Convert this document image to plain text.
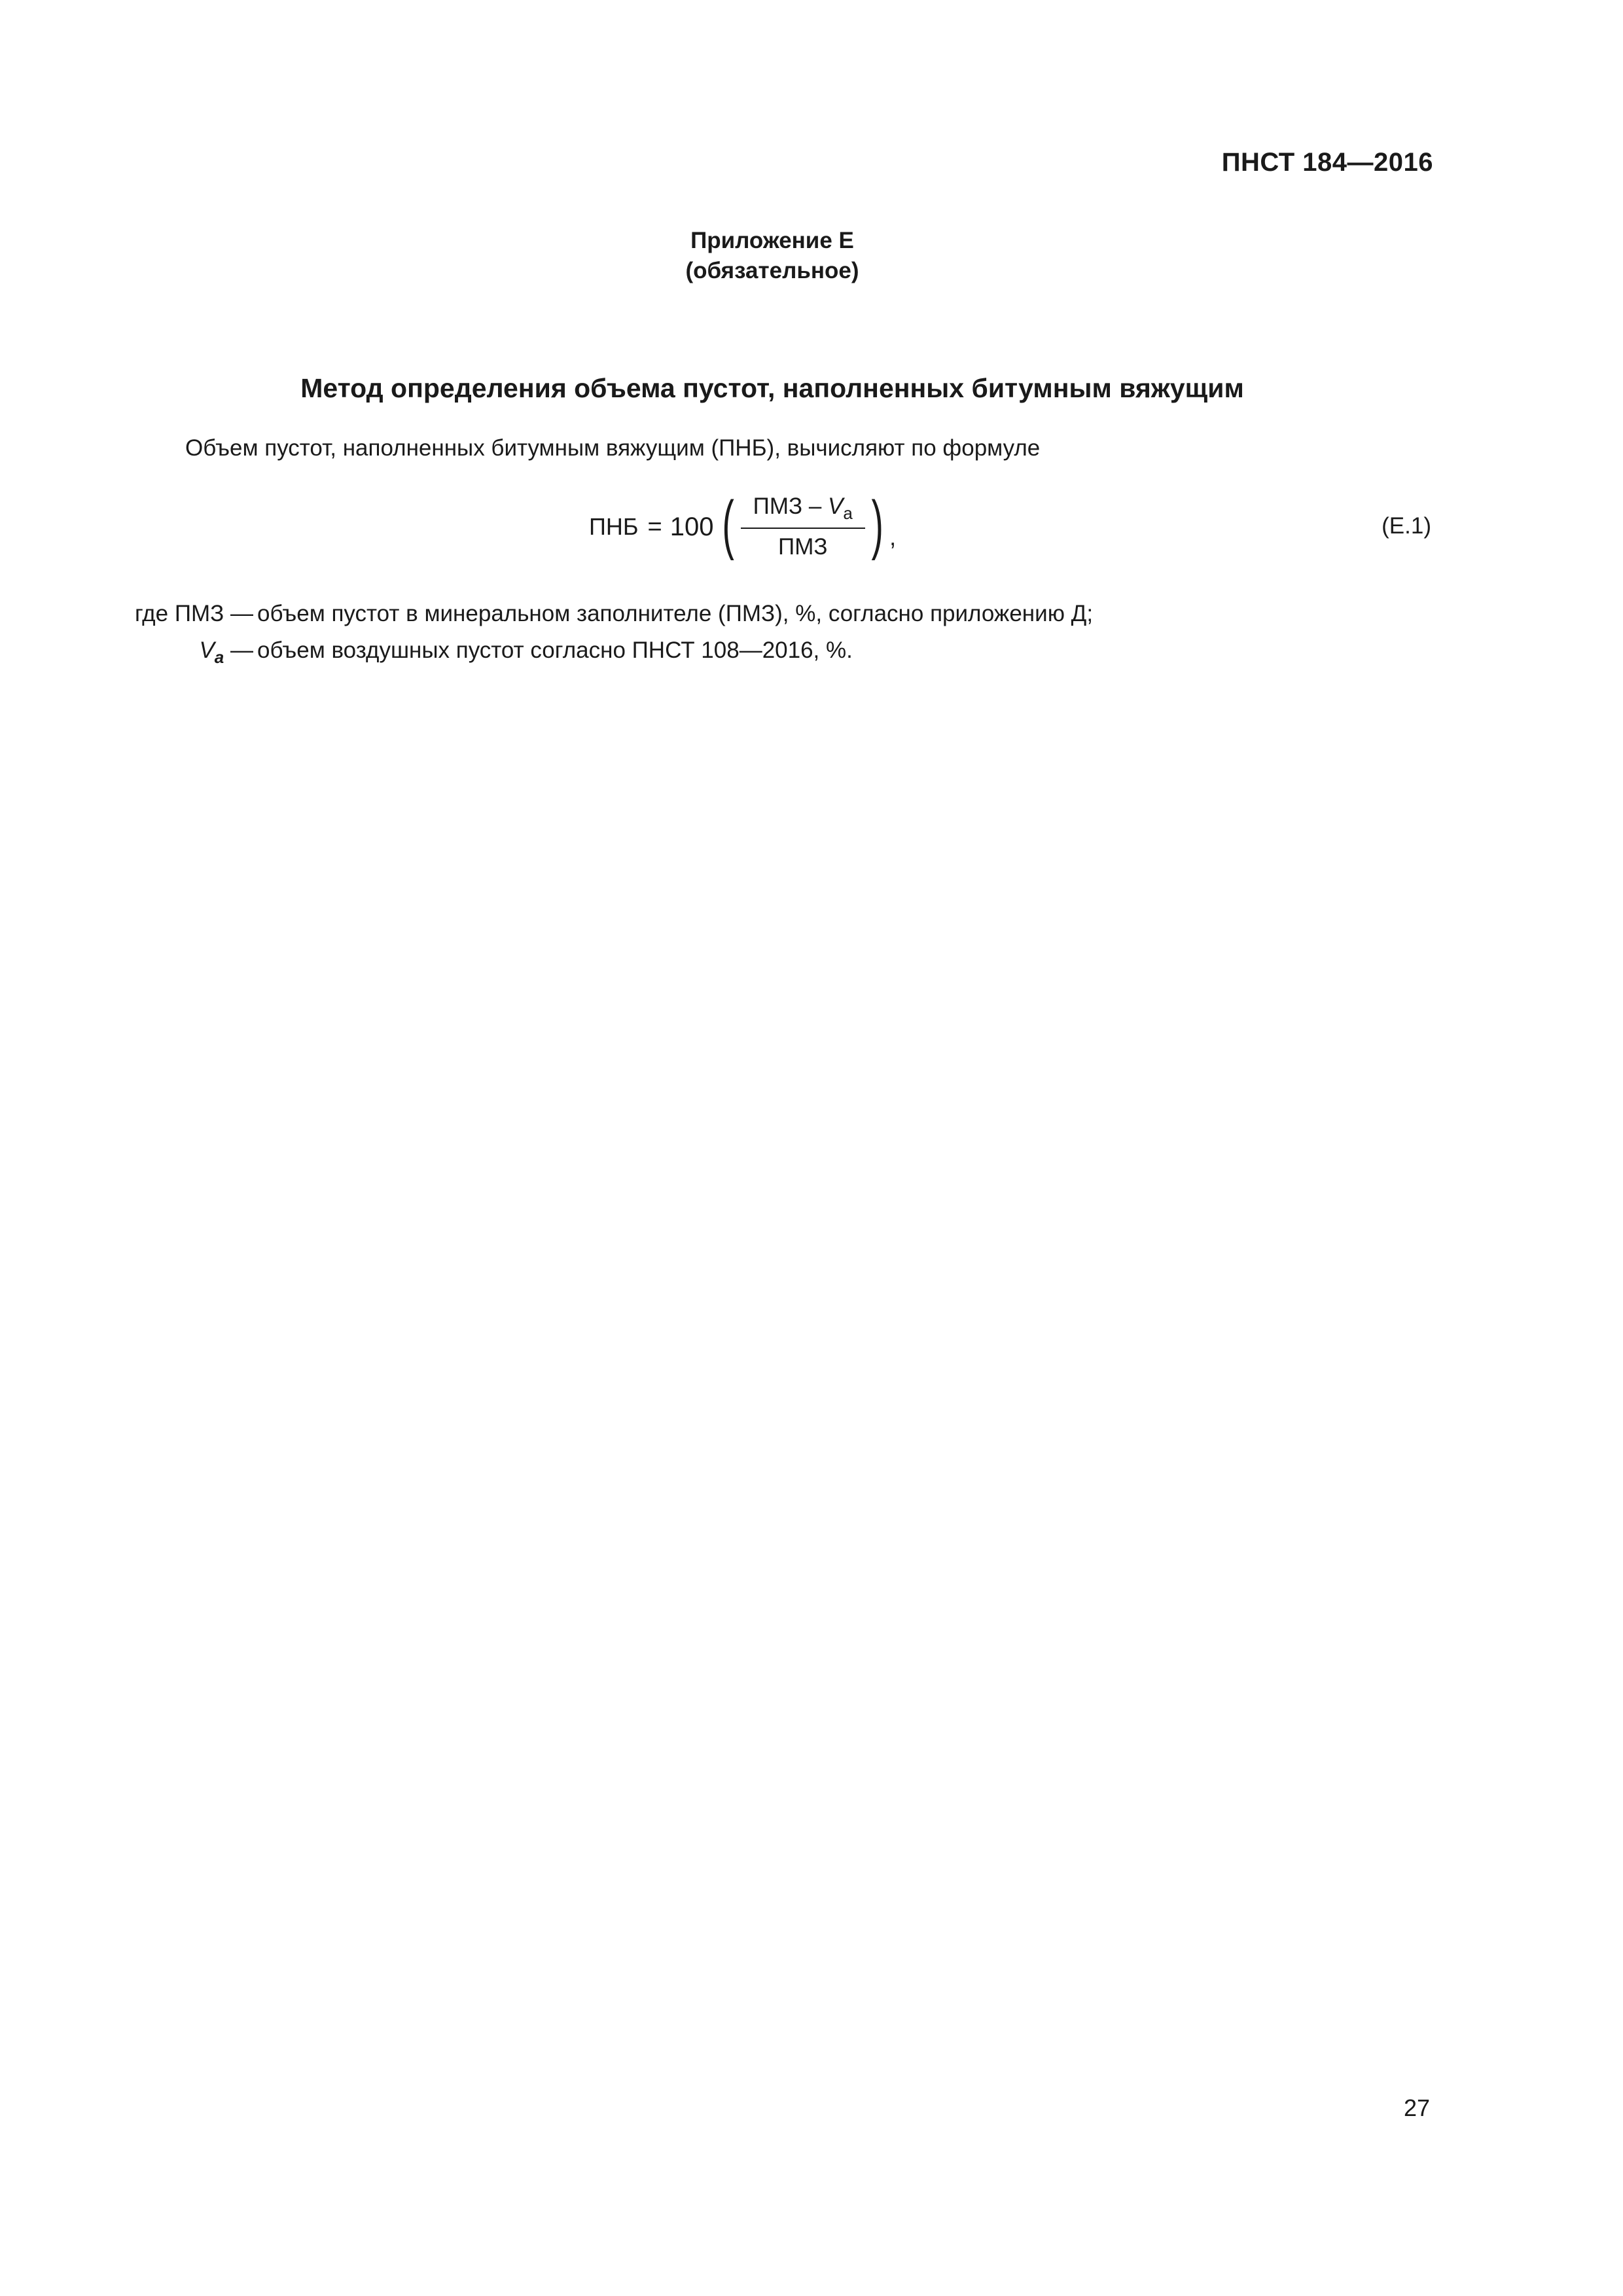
ПНСТ 184—2016
Приложение Е
(обязательное)
Метод определения объема пустот, наполненных битумным вяжущим
Объем пустот, наполненных битумным вяжущим (ПНБ), вычисляют по формуле
ПНБ = 100 ( $\frac{ПМЗ - V_a}{\text{ПМЗ}}$ ) ,	(Е.1)
где ПМЗ — объем пустот в минеральном заполнителе (ПМЗ), %, согласно приложению Д;
$V_a$ — объем воздушных пустот согласно ПНСТ 108—2016, %.
27
